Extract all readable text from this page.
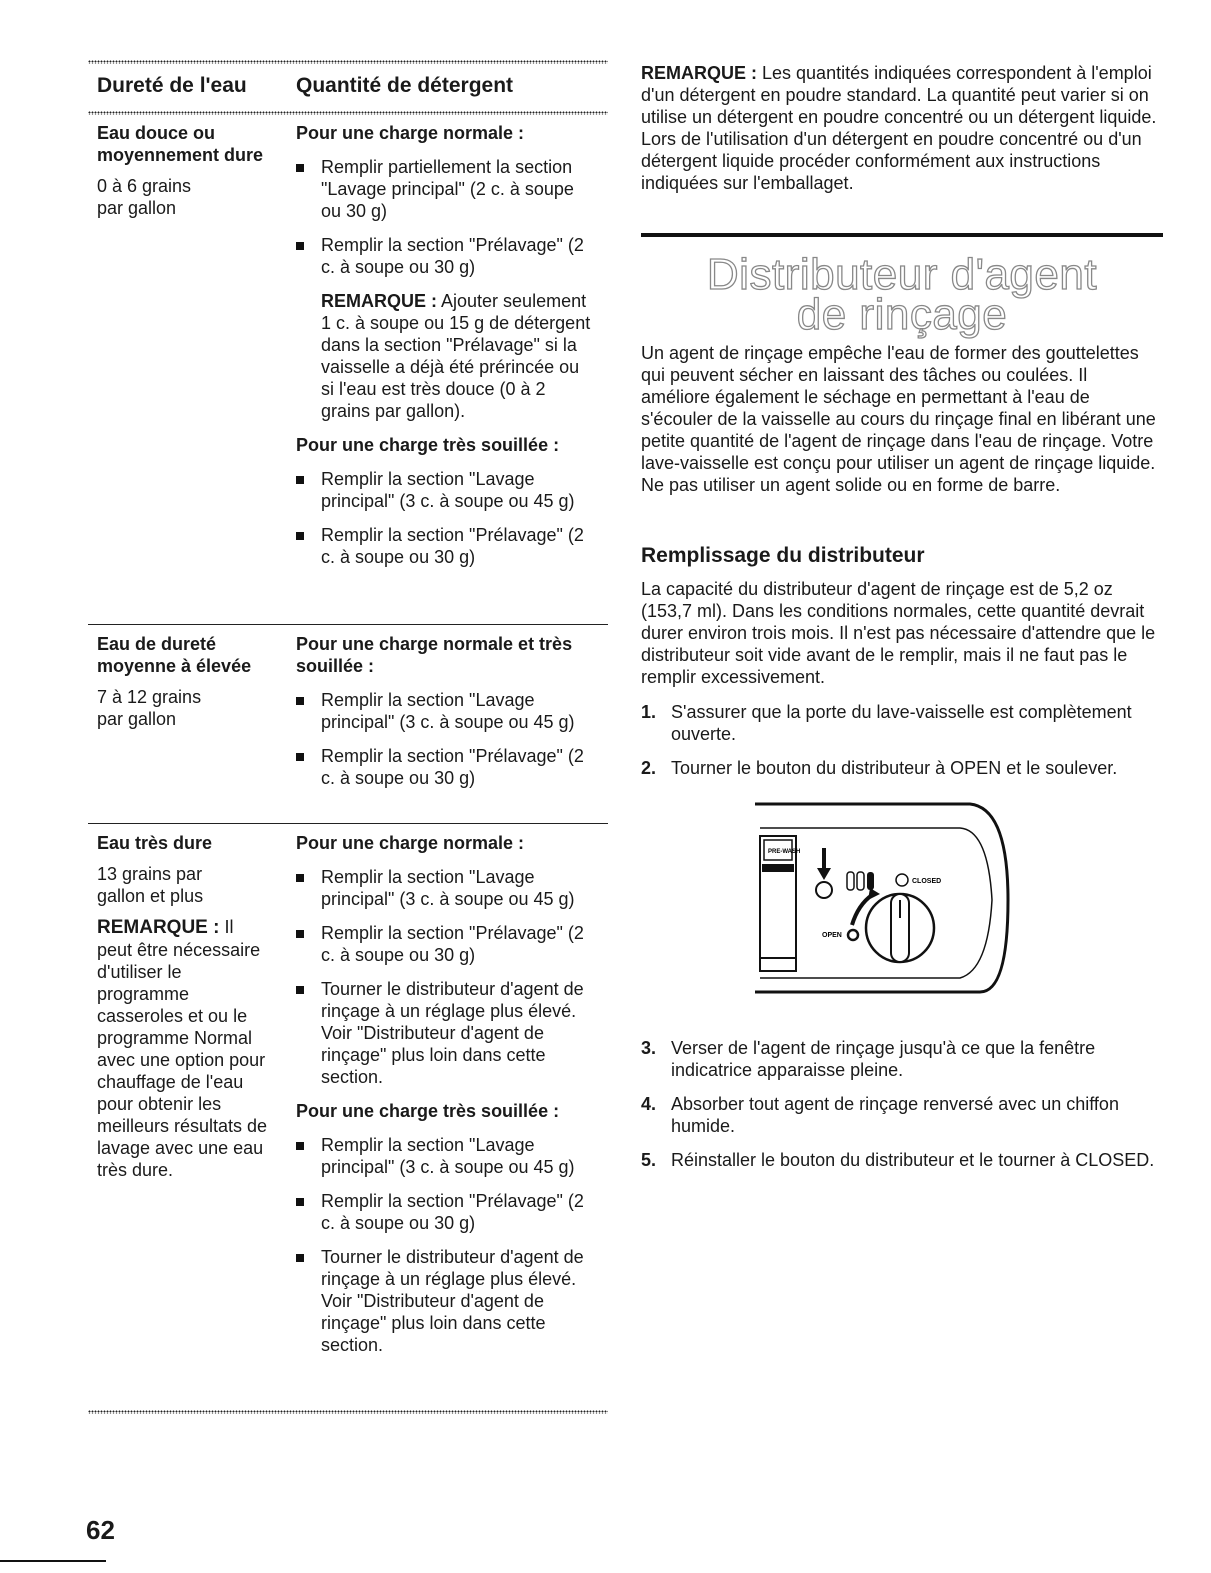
Dureté de l'eau Quantité de détergent
Eau douce ou moyennement dure
0 à 6 grains par gallon
Pour une charge normale :
Remplir partiellement la section "Lavage principal" (2 c. à soupe ou 30 g)
Remplir la section "Prélavage" (2 c. à soupe ou 30 g)
REMARQUE : Ajouter seulement 1 c. à soupe ou 15 g de détergent dans la section "Prélavage" si la vaisselle a déjà été prérincée ou si l'eau est très douce (0 à 2 grains par gallon).
Pour une charge très souillée :
Remplir la section "Lavage principal" (3 c. à soupe ou 45 g)
Remplir la section "Prélavage" (2 c. à soupe ou 30 g)
Eau de dureté moyenne à élevée
7 à 12 grains par gallon
Pour une charge normale et très souillée :
Remplir la section "Lavage principal" (3 c. à soupe ou 45 g)
Remplir la section "Prélavage" (2 c. à soupe ou 30 g)
Eau très dure
13 grains par gallon et plus
REMARQUE : Il peut être nécessaire d'utiliser le programme casseroles et ou le programme Normal avec une option pour chauffage de l'eau pour obtenir les meilleurs résultats de lavage avec une eau très dure.
Pour une charge normale :
Remplir la section "Lavage principal" (3 c. à soupe ou 45 g)
Remplir la section "Prélavage" (2 c. à soupe ou 30 g)
Tourner le distributeur d'agent de rinçage à un réglage plus élevé. Voir "Distributeur d'agent de rinçage" plus loin dans cette section.
Pour une charge très souillée :
Remplir la section "Lavage principal" (3 c. à soupe ou 45 g)
Remplir la section "Prélavage" (2 c. à soupe ou 30 g)
Tourner le distributeur d'agent de rinçage à un réglage plus élevé. Voir "Distributeur d'agent de rinçage" plus loin dans cette section.
REMARQUE : Les quantités indiquées correspondent à l'emploi d'un détergent en poudre standard. La quantité peut varier si on utilise un détergent en poudre concentré ou un détergent liquide. Lors de l'utilisation d'un détergent en poudre concentré ou d'un détergent liquide procéder conformément aux instructions indiquées sur l'emballaget.
Distributeur d'agent
de rinçage
Un agent de rinçage empêche l'eau de former des gouttelettes qui peuvent sécher en laissant des tâches ou coulées. Il améliore également le séchage en permettant à l'eau de s'écouler de la vaisselle au cours du rinçage final en libérant une petite quantité de l'agent de rinçage dans l'eau de rinçage. Votre lave-vaisselle est conçu pour utiliser un agent de rinçage liquide. Ne pas utiliser un agent solide ou en forme de barre.
Remplissage du distributeur
La capacité du distributeur d'agent de rinçage est de 5,2 oz (153,7 ml). Dans les conditions normales, cette quantité devrait durer environ trois mois. Il n'est pas nécessaire d'attendre que le distributeur soit vide avant de le remplir, mais il ne faut pas le remplir excessivement.
1. S'assurer que la porte du lave-vaisselle est complètement ouverte.
2. Tourner le bouton du distributeur à OPEN et le soulever.
PRE-WASH
CLOSED
OPEN
3. Verser de l'agent de rinçage jusqu'à ce que la fenêtre indicatrice apparaisse pleine.
4. Absorber tout agent de rinçage renversé avec un chiffon humide.
5. Réinstaller le bouton du distributeur et le tourner à CLOSED.
62
